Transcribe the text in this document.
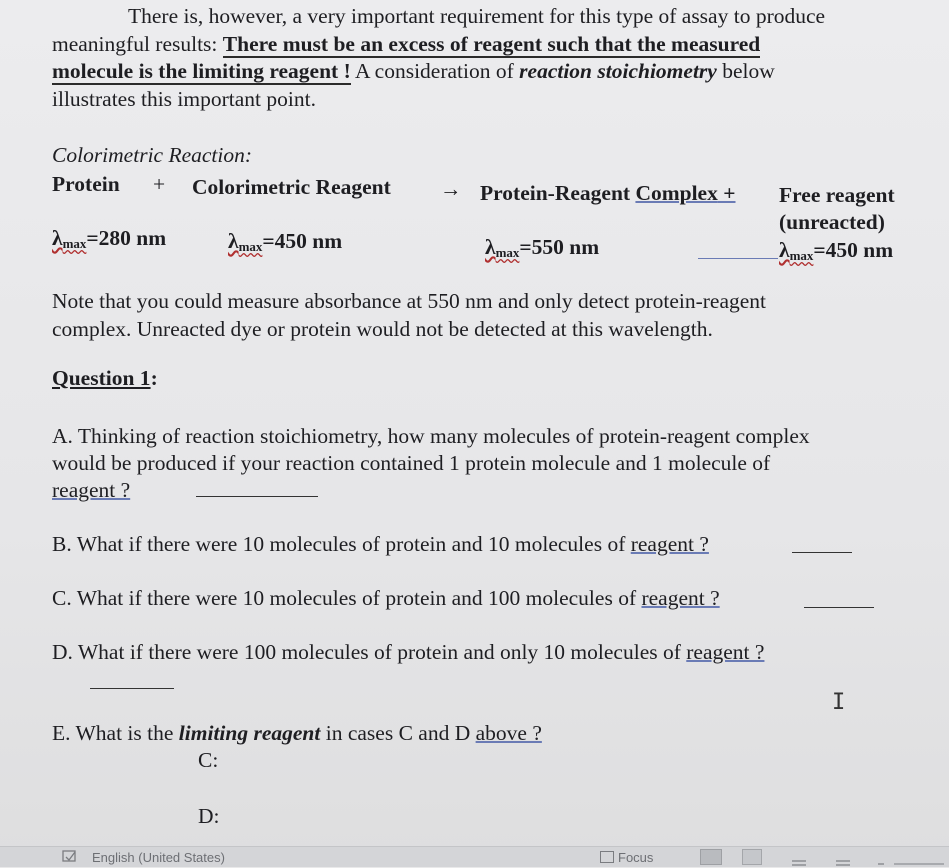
There is, however, a very important requirement for this type of assay to produce
meaningful results: There must be an excess of reagent such that the measured
molecule is the limiting reagent ! A consideration of reaction stoichiometry below
illustrates this important point.
Colorimetric Reaction:
Protein + Colorimetric Reagent → Protein-Reagent Complex + Free reagent
(unreacted)
$\lambda_{max}=280$ nm	$\lambda_{max}=450$ nm	$\lambda_{max}=550$ nm	$\lambda_{max}=450$ nm
Note that you could measure absorbance at 550 nm and only detect protein-reagent
complex. Unreacted dye or protein would not be detected at this wavelength.
Question 1:
A. Thinking of reaction stoichiometry, how many molecules of protein-reagent complex
would be produced if your reaction contained 1 protein molecule and 1 molecule of
reagent ?
B. What if there were 10 molecules of protein and 10 molecules of reagent ?
C. What if there were 10 molecules of protein and 100 molecules of reagent ?
D. What if there were 100 molecules of protein and only 10 molecules of reagent ?
I
E. What is the limiting reagent in cases C and D above ?
C:
D:
English (United States)	Focus
